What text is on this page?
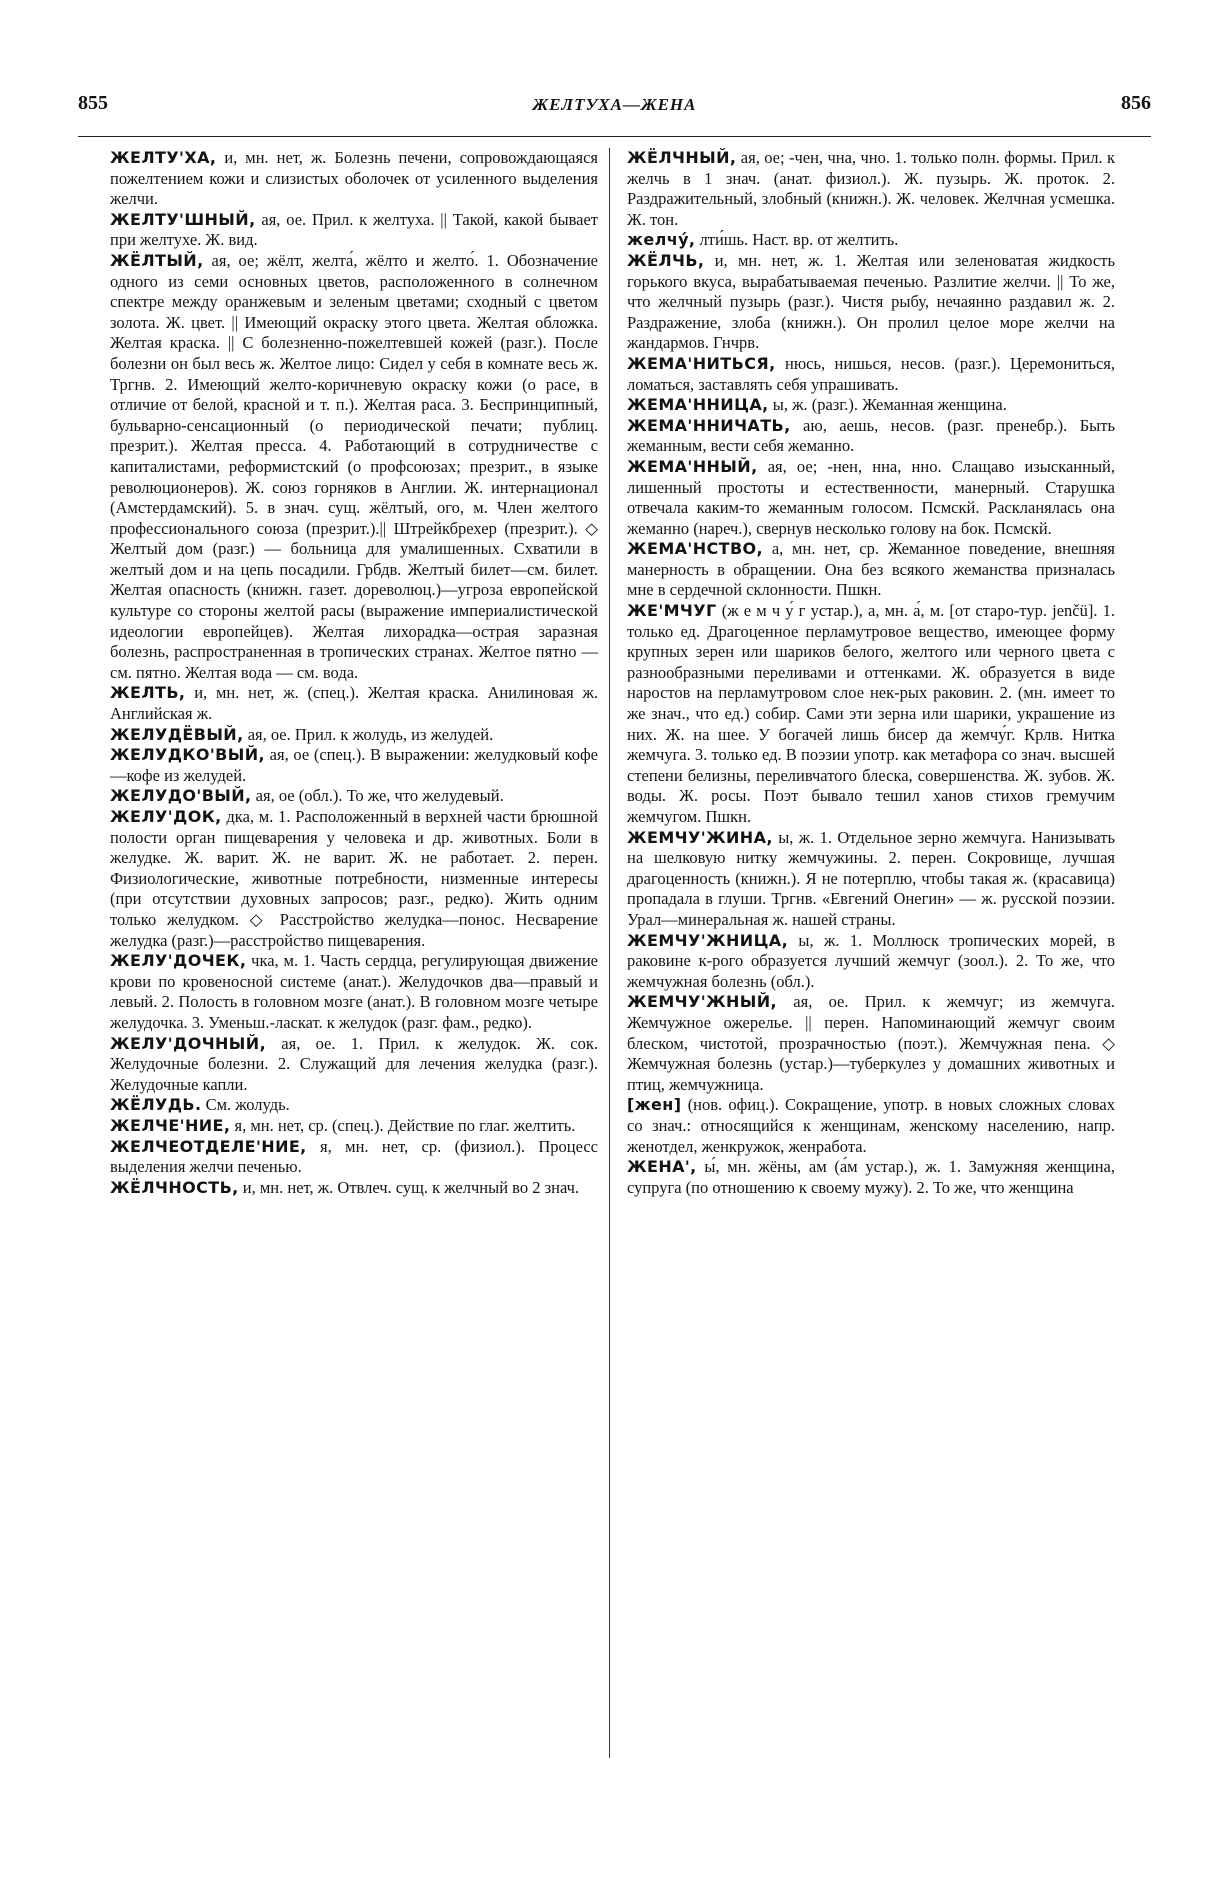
855	ЖЕЛТУХА—ЖЕНА	856

ЖЕЛТУ'ХА, и, мн. нет, ж. Болезнь печени, сопровождающаяся пожелтением кожи и слизистых оболочек от усиленного выделения желчи.

ЖЕЛТУ'ШНЫЙ, ая, ое. Прил. к желтуха. || Такой, какой бывает при желтухе. Ж. вид.

ЖЁЛТЫЙ, ая, ое; жёлт, желта́, жёлто и желто́. 1. Обозначение одного из семи основных цветов, расположенного в солнечном спектре между оранжевым и зеленым цветами; сходный с цветом золота. Ж. цвет. || Имеющий окраску этого цвета. Желтая обложка. Желтая краска. || С болезненно-пожелтевшей кожей (разг.). После болезни он был весь ж. Желтое лицо: Сидел у себя в комнате весь ж. Тргнв. 2. Имеющий желто-коричневую окраску кожи (о расе, в отличие от белой, красной и т. п.). Желтая раса. 3. Беспринципный, бульварно-сенсационный (о периодической печати; публиц. презрит.). Желтая пресса. 4. Работающий в сотрудничестве с капиталистами, реформистский (о профсоюзах; презрит., в языке революционеров). Ж. союз горняков в Англии. Ж. интернационал (Амстердамский). 5. в знач. сущ. жёлтый, ого, м. Член желтого профессионального союза (презрит.).|| Штрейкбрехер (презрит.). ◇ Желтый дом (разг.) — больница для умалишенных. Схватили в желтый дом и на цепь посадили. Грбдв. Желтый билет—см. билет. Желтая опасность (книжн. газет. дореволюц.)—угроза европейской культуре со стороны желтой расы (выражение империалистической идеологии европейцев). Желтая лихорадка—острая заразная болезнь, распространенная в тропических странах. Желтое пятно — см. пятно. Желтая вода — см. вода.

ЖЕЛТЬ, и, мн. нет, ж. (спец.). Желтая краска. Анилиновая ж. Английская ж.

ЖЕЛУДЁВЫЙ, ая, ое. Прил. к жолудь, из желудей.

ЖЕЛУДКО'ВЫЙ, ая, ое (спец.). В выражении: желудковый кофе—кофе из желудей.

ЖЕЛУДО'ВЫЙ, ая, ое (обл.). То же, что желудевый.

ЖЕЛУ'ДОК, дка, м. 1. Расположенный в верхней части брюшной полости орган пищеварения у человека и др. животных. Боли в желудке. Ж. варит. Ж. не варит. Ж. не работает. 2. перен. Физиологические, животные потребности, низменные интересы (при отсутствии духовных запросов; разг., редко). Жить одним только желудком. ◇ Расстройство желудка—понос. Несварение желудка (разг.)—расстройство пищеварения.

ЖЕЛУ'ДОЧЕК, чка, м. 1. Часть сердца, регулирующая движение крови по кровеносной системе (анат.). Желудочков два—правый и левый. 2. Полость в головном мозге (анат.). В головном мозге четыре желудочка. 3. Уменьш.-ласкат. к желудок (разг. фам., редко).

ЖЕЛУ'ДОЧНЫЙ, ая, ое. 1. Прил. к желудок. Ж. сок. Желудочные болезни. 2. Служащий для лечения желудка (разг.). Желудочные капли.

ЖЁЛУДЬ. См. жолудь.

ЖЕЛЧЕ'НИЕ, я, мн. нет, ср. (спец.). Действие по глаг. желтить.

ЖЕЛЧЕОТДЕЛЕ'НИЕ, я, мн. нет, ср. (физиол.). Процесс выделения желчи печенью.

ЖЁЛЧНОСТЬ, и, мн. нет, ж. Отвлеч. сущ. к желчный во 2 знач.

ЖЁЛЧНЫЙ, ая, ое; -чен, чна, чно. 1. только полн. формы. Прил. к желчь в 1 знач. (анат. физиол.). Ж. пузырь. Ж. проток. 2. Раздражительный, злобный (книжн.). Ж. человек. Желчная усмешка. Ж. тон.

желчу́, лти́шь. Наст. вр. от желтить.

ЖЁЛЧЬ, и, мн. нет, ж. 1. Желтая или зеленоватая жидкость горького вкуса, вырабатываемая печенью. Разлитие желчи. || То же, что желчный пузырь (разг.). Чистя рыбу, нечаянно раздавил ж. 2. Раздражение, злоба (книжн.). Он пролил целое море желчи на жандармов. Гнчрв.

ЖЕМА'НИТЬСЯ, нюсь, нишься, несов. (разг.). Церемониться, ломаться, заставлять себя упрашивать.

ЖЕМА'ННИЦА, ы, ж. (разг.). Жеманная женщина.

ЖЕМА'ННИЧАТЬ, аю, аешь, несов. (разг. пренебр.). Быть жеманным, вести себя жеманно.

ЖЕМА'ННЫЙ, ая, ое; -нен, нна, нно. Слащаво изысканный, лишенный простоты и естественности, манерный. Старушка отвечала каким-то жеманным голосом. Псмскй. Раскланялась она жеманно (нареч.), свернув несколько голову на бок. Псмскй.

ЖЕМА'НСТВО, а, мн. нет, ср. Жеманное поведение, внешняя манерность в обращении. Она без всякого жеманства призналась мне в сердечной склонности. Пшкн.

ЖЕ'МЧУГ (ж е м ч у́ г устар.), а, мн. а́, м. [от старо-тур. jenčü]. 1. только ед. Драгоценное перламутровое вещество, имеющее форму крупных зерен или шариков белого, желтого или черного цвета с разнообразными переливами и оттенками. Ж. образуется в виде наростов на перламутровом слое нек-рых раковин. 2. (мн. имеет то же знач., что ед.) собир. Сами эти зерна или шарики, украшение из них. Ж. на шее. У богачей лишь бисер да жемчу́г. Крлв. Нитка жемчуга. 3. только ед. В поэзии употр. как метафора со знач. высшей степени белизны, переливчатого блеска, совершенства. Ж. зубов. Ж. воды. Ж. росы. Поэт бывало тешил ханов стихов гремучим жемчугом. Пшкн.

ЖЕМЧУ'ЖИНА, ы, ж. 1. Отдельное зерно жемчуга. Нанизывать на шелковую нитку жемчужины. 2. перен. Сокровище, лучшая драгоценность (книжн.). Я не потерплю, чтобы такая ж. (красавица) пропадала в глуши. Тргнв. «Евгений Онегин» — ж. русской поэзии. Урал—минеральная ж. нашей страны.

ЖЕМЧУ'ЖНИЦА, ы, ж. 1. Моллюск тропических морей, в раковине к-рого образуется лучший жемчуг (зоол.). 2. То же, что жемчужная болезнь (обл.).

ЖЕМЧУ'ЖНЫЙ, ая, ое. Прил. к жемчуг; из жемчуга. Жемчужное ожерелье. || перен. Напоминающий жемчуг своим блеском, чистотой, прозрачностью (поэт.). Жемчужная пена. ◇ Жемчужная болезнь (устар.)—туберкулез у домашних животных и птиц, жемчужница.

[жен] (нов. офиц.). Сокращение, употр. в новых сложных словах со знач.: относящийся к женщинам, женскому населению, напр. женотдел, женкружок, женработа.

ЖЕНА', ы́, мн. жёны, ам (а́м устар.), ж. 1. Замужняя женщина, супруга (по отношению к своему мужу). 2. То же, что женщина
